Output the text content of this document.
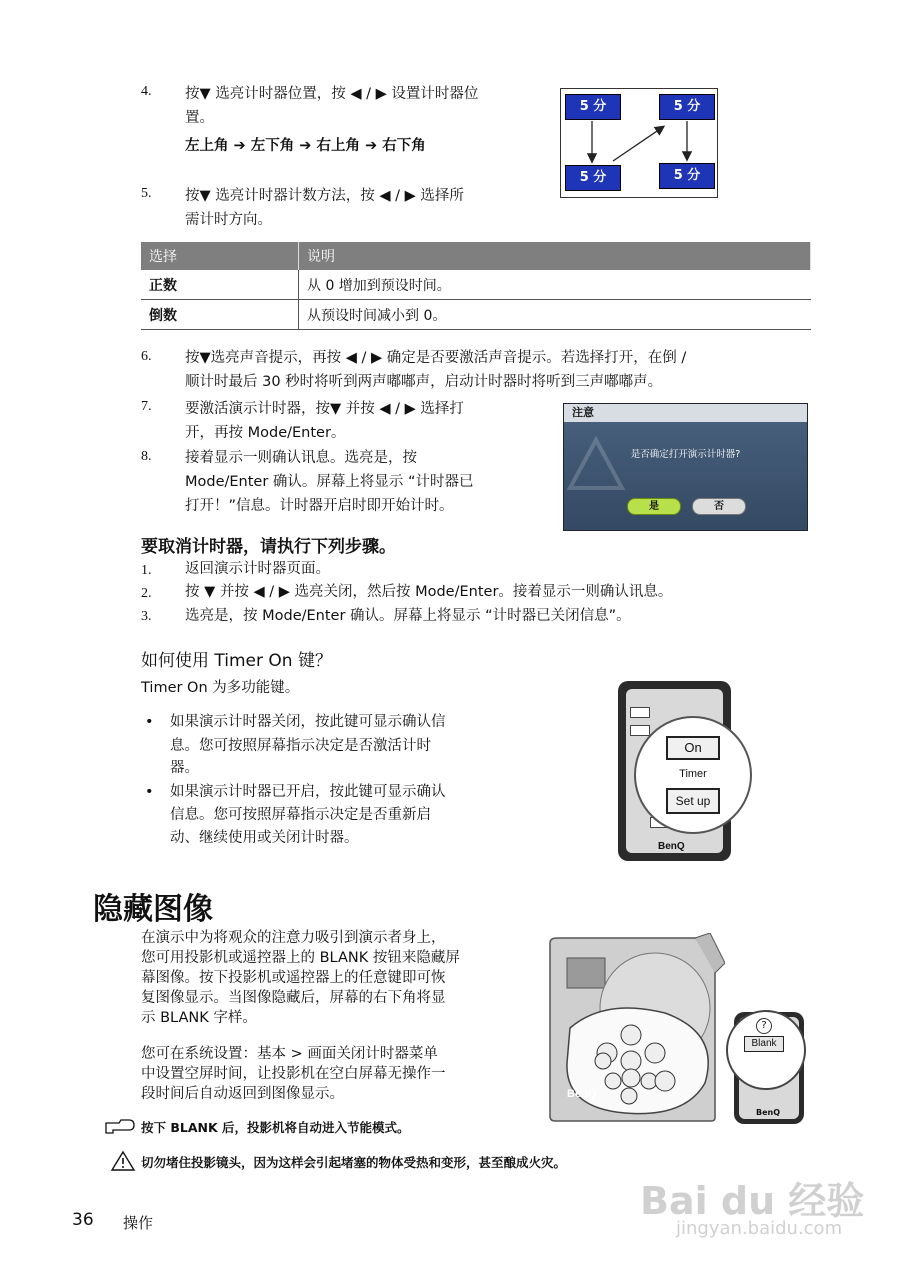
4. 按▼ 选亮计时器位置，按 ◀ / ▶ 设置计时器位
置。
左上角 ➔ 左下角 ➔ 右上角 ➔ 右下角
5. 按▼ 选亮计时器计数方法，按 ◀ / ▶ 选择所
需计时方向。
5 分	5 分
5 分	5 分
选择	说明
正数	从 0 增加到预设时间。
倒数	从预设时间减小到 0。
6. 按▼选亮声音提示，再按 ◀ / ▶ 确定是否要激活声音提示。若选择打开，在倒 /
顺计时最后 30 秒时将听到两声嘟嘟声，启动计时器时将听到三声嘟嘟声。
7. 要激活演示计时器，按▼ 并按 ◀ / ▶ 选择打
开，再按 Mode/Enter。
8. 接着显示一则确认讯息。选亮是，按
Mode/Enter 确认。屏幕上将显示 “计时器已
打开！”信息。计时器开启时即开始计时。
注意
是否确定打开演示计时器?
是	否
要取消计时器，请执行下列步骤。
1. 返回演示计时器页面。
2. 按 ▼ 并按 ◀ / ▶ 选亮关闭，然后按 Mode/Enter。接着显示一则确认讯息。
3. 选亮是，按 Mode/Enter 确认。屏幕上将显示 “计时器已关闭信息”。
如何使用 Timer On 键？
Timer On 为多功能键。
• 如果演示计时器关闭，按此键可显示确认信
息。您可按照屏幕指示决定是否激活计时
器。
• 如果演示计时器已开启，按此键可显示确认
信息。您可按照屏幕指示决定是否重新启
动、继续使用或关闭计时器。
BenQ
On
Timer
Set up
隐藏图像
在演示中为将观众的注意力吸引到演示者身上，
您可用投影机或遥控器上的 BLANK 按钮来隐藏屏
幕图像。按下投影机或遥控器上的任意键即可恢
复图像显示。当图像隐藏后，屏幕的右下角将显
示 BLANK 字样。
您可在系统设置：基本 > 画面关闭计时器菜单
中设置空屏时间，让投影机在空白屏幕无操作一
段时间后自动返回到图像显示。	BenQ
?
Blank
BenQ
按下 BLANK 后，投影机将自动进入节能模式。
切勿堵住投影镜头，因为这样会引起堵塞的物体受热和变形，甚至酿成火灾。
36 操作	Bai du 经验
jingyan.baidu.com
